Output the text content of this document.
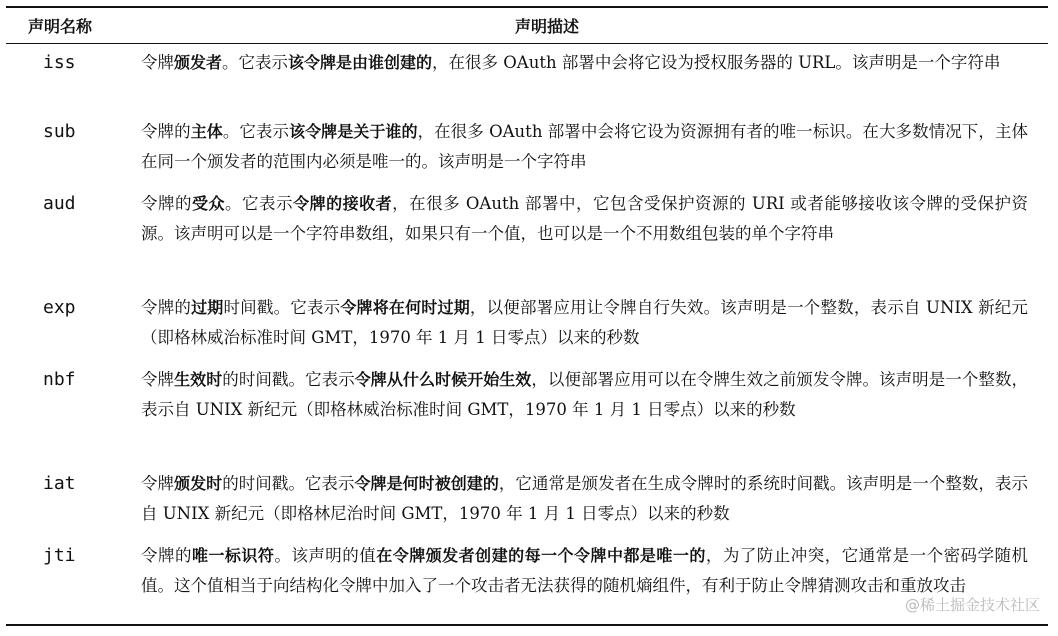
声明名称	声明描述
iss	令牌颁发者。它表示该令牌是由谁创建的，在很多 OAuth 部署中会将它设为授权服务器的 URL。该声明是一个字符串
sub	令牌的主体。它表示该令牌是关于谁的，在很多 OAuth 部署中会将它设为资源拥有者的唯一标识。在大多数情况下，主体在同一个颁发者的范围内必须是唯一的。该声明是一个字符串
aud	令牌的受众。它表示令牌的接收者，在很多 OAuth 部署中，它包含受保护资源的 URI 或者能够接收该令牌的受保护资源。该声明可以是一个字符串数组，如果只有一个值，也可以是一个不用数组包装的单个字符串
exp	令牌的过期时间戳。它表示令牌将在何时过期，以便部署应用让令牌自行失效。该声明是一个整数，表示自 UNIX 新纪元（即格林威治标准时间 GMT，1970 年 1 月 1 日零点）以来的秒数
nbf	令牌生效时的时间戳。它表示令牌从什么时候开始生效，以便部署应用可以在令牌生效之前颁发令牌。该声明是一个整数，表示自 UNIX 新纪元（即格林威治标准时间 GMT，1970 年 1 月 1 日零点）以来的秒数
iat	令牌颁发时的时间戳。它表示令牌是何时被创建的，它通常是颁发者在生成令牌时的系统时间戳。该声明是一个整数，表示自 UNIX 新纪元（即格林尼治时间 GMT，1970 年 1 月 1 日零点）以来的秒数
jti	令牌的唯一标识符。该声明的值在令牌颁发者创建的每一个令牌中都是唯一的，为了防止冲突，它通常是一个密码学随机值。这个值相当于向结构化令牌中加入了一个攻击者无法获得的随机熵组件，有利于防止令牌猜测攻击和重放攻击
@稀土掘金技术社区
